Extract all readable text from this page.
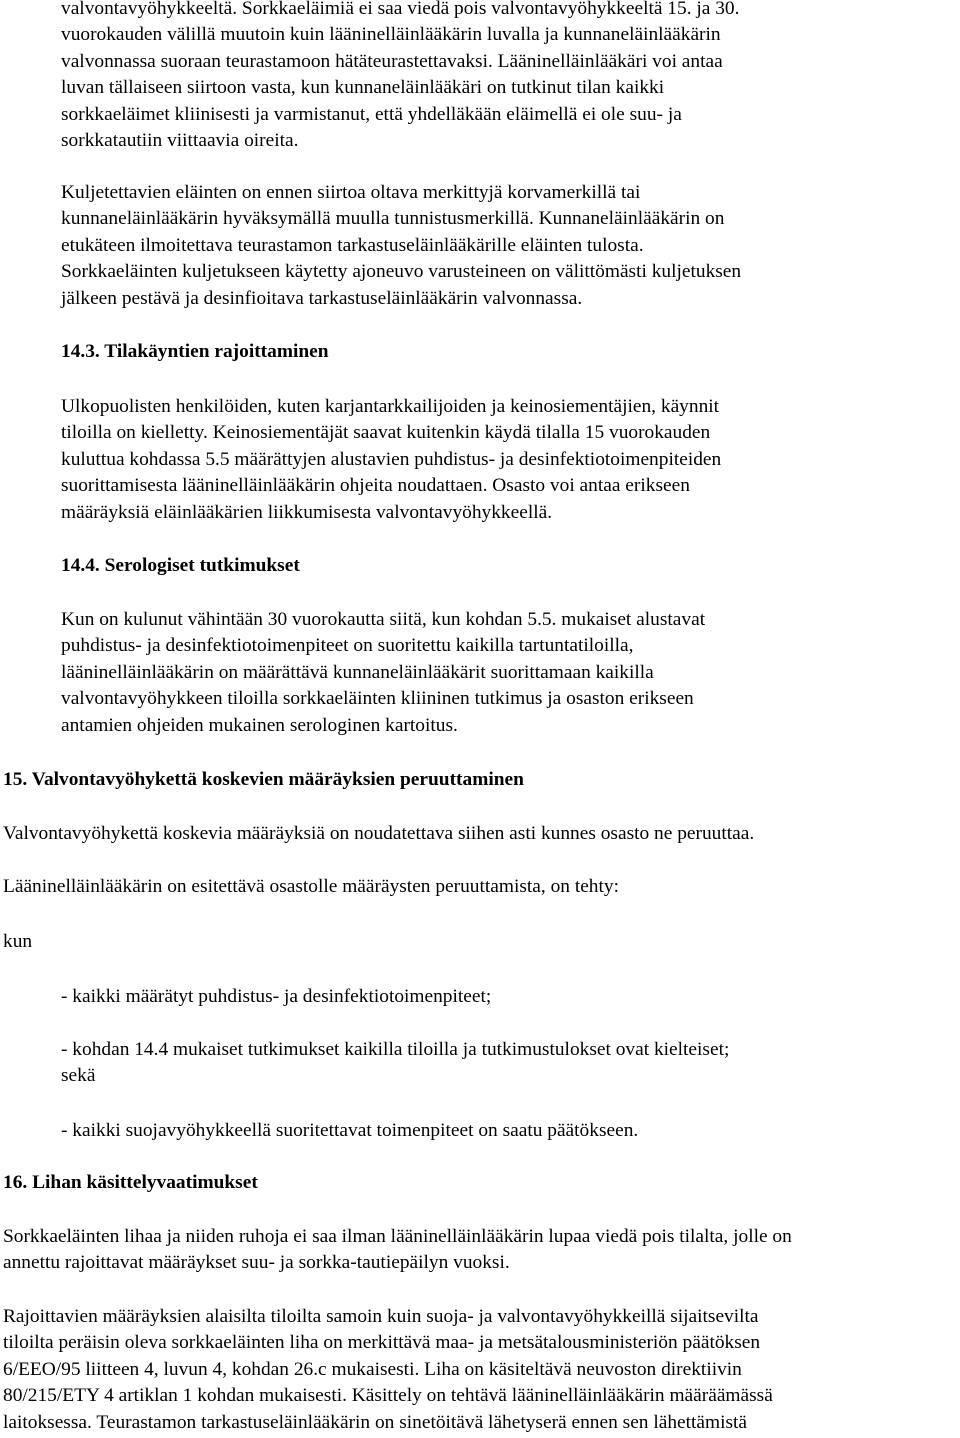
valvontavyöhykkeeltä. Sorkkaeläimiä ei saa viedä pois valvontavyöhykkeeltä 15. ja 30.
vuorokauden välillä muutoin kuin lääninelläinlääkärin luvalla ja kunnaneläinlääkärin
valvonnassa suoraan teurastamoon hätäteurastettavaksi. Lääninelläinlääkäri voi antaa
luvan tällaiseen siirtoon vasta, kun kunnaneläinlääkäri on tutkinut tilan kaikki
sorkkaeläimet kliinisesti ja varmistanut, että yhdelläkään eläimellä ei ole suu- ja
sorkkatautiin viittaavia oireita.

Kuljetettavien eläinten on ennen siirtoa oltava merkittyjä korvamerkillä tai
kunnaneläinlääkärin hyväksymällä muulla tunnistusmerkillä. Kunnaneläinlääkärin on
etukäteen ilmoitettava teurastamon tarkastuseläinlääkärille eläinten tulosta.
Sorkkaeläinten kuljetukseen käytetty ajoneuvo varusteineen on välittömästi kuljetuksen
jälkeen pestävä ja desinfioitava tarkastuseläinlääkärin valvonnassa.

14.3. Tilakäyntien rajoittaminen

Ulkopuolisten henkilöiden, kuten karjantarkkailijoiden ja keinosiementäjien, käynnit
tiloilla on kielletty. Keinosiementäjät saavat kuitenkin käydä tilalla 15 vuorokauden
kuluttua kohdassa 5.5 määrättyjen alustavien puhdistus- ja desinfektiotoimenpiteiden
suorittamisesta lääninelläinlääkärin ohjeita noudattaen. Osasto voi antaa erikseen
määräyksiä eläinlääkärien liikkumisesta valvontavyöhykkeellä.

14.4. Serologiset tutkimukset

Kun on kulunut vähintään 30 vuorokautta siitä, kun kohdan 5.5. mukaiset alustavat
puhdistus- ja desinfektiotoimenpiteet on suoritettu kaikilla tartuntatiloilla,
lääninelläinlääkärin on määrättävä kunnaneläinlääkärit suorittamaan kaikilla
valvontavyöhykkeen tiloilla sorkkaeläinten kliininen tutkimus ja osaston erikseen
antamien ohjeiden mukainen serologinen kartoitus.

15. Valvontavyöhykettä koskevien määräyksien peruuttaminen

Valvontavyöhykettä koskevia määräyksiä on noudatettava siihen asti kunnes osasto ne peruuttaa.

Lääninelläinlääkärin on esitettävä osastolle määräysten peruuttamista, on tehty:

kun

- kaikki määrätyt puhdistus- ja desinfektiotoimenpiteet;

- kohdan 14.4 mukaiset tutkimukset kaikilla tiloilla ja tutkimustulokset ovat kielteiset;
sekä

- kaikki suojavyöhykkeellä suoritettavat toimenpiteet on saatu päätökseen.

16. Lihan käsittelyvaatimukset

Sorkkaeläinten lihaa ja niiden ruhoja ei saa ilman lääninelläinlääkärin lupaa viedä pois tilalta, jolle on
annettu rajoittavat määräykset suu- ja sorkka-tautiepäilyn vuoksi.

Rajoittavien määräyksien alaisilta tiloilta samoin kuin suoja- ja valvontavyöhykkeillä sijaitsevilta
tiloilta peräisin oleva sorkkaeläinten liha on merkittävä maa- ja metsätalousministeriön päätöksen
6/EEO/95 liitteen 4, luvun 4, kohdan 26.c mukaisesti. Liha on käsiteltävä neuvoston direktiivin
80/215/ETY 4 artiklan 1 kohdan mukaisesti. Käsittely on tehtävä lääninelläinlääkärin määräämässä
laitoksessa. Teurastamon tarkastuseläinlääkärin on sinetöitävä lähetyserä ennen sen lähettämistä
